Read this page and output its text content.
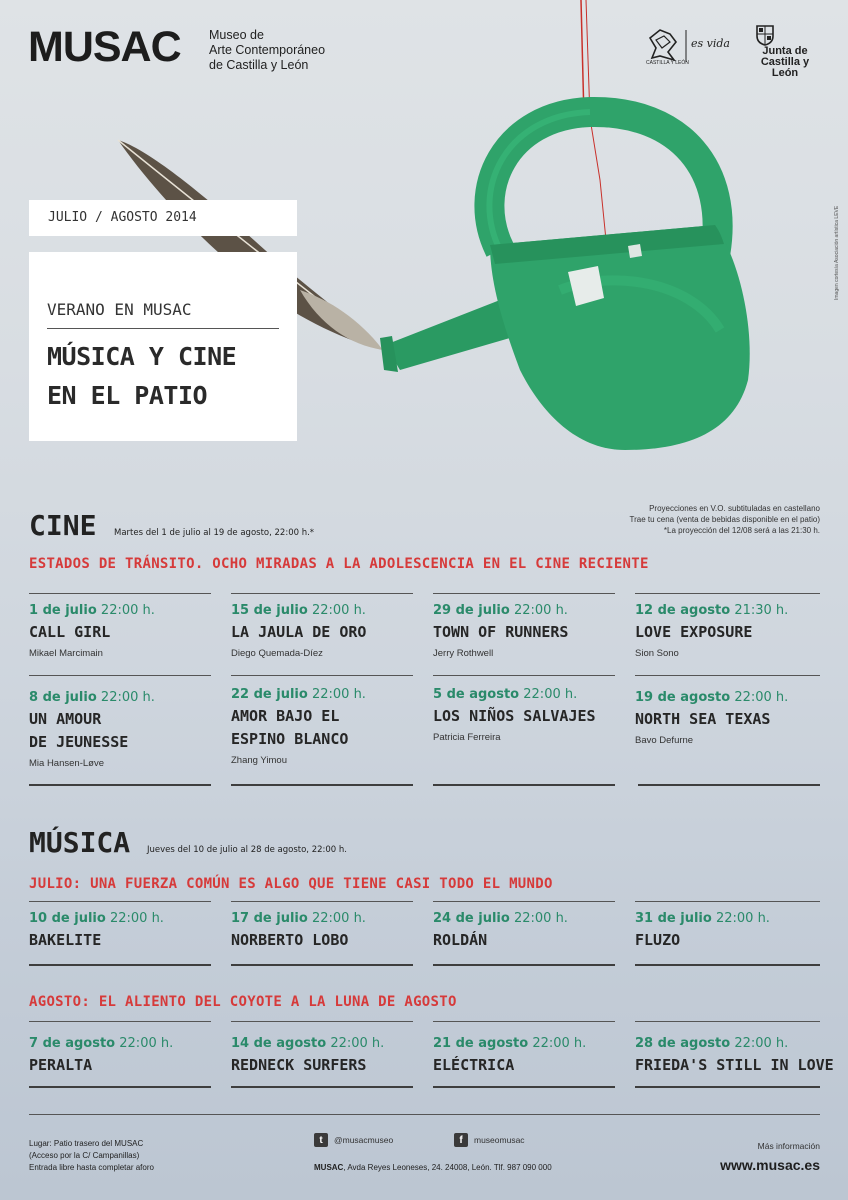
MUSAC Museo de
Arte Contemporáneo
de Castilla y León	CASTILLA Y LEÓN
es vida
Junta de
Castilla y León
Imagen cortesía Asociación artística LEVE
JULIO / AGOSTO 2014
VERANO EN MUSAC
MÚSICA Y CINE
EN EL PATIO
Proyecciones en V.O. subtituladas en castellano
Trae tu cena (venta de bebidas disponible en el patio)
*La proyección del 12/08 será a las 21:30 h.
CINE Martes del 1 de julio al 19 de agosto, 22:00 h.*
ESTADOS DE TRÁNSITO. OCHO MIRADAS A LA ADOLESCENCIA EN EL CINE RECIENTE
1 de julio 22:00 h.
CALL GIRL
Mikael Marcimain
15 de julio 22:00 h.
LA JAULA DE ORO
Diego Quemada-Díez
29 de julio 22:00 h.
TOWN OF RUNNERS
Jerry Rothwell
12 de agosto 21:30 h.
LOVE EXPOSURE
Sion Sono
8 de julio 22:00 h.
UN AMOUR
DE JEUNESSE
Mia Hansen-Løve
22 de julio 22:00 h.
AMOR BAJO EL
ESPINO BLANCO
Zhang Yimou
5 de agosto 22:00 h.
LOS NIÑOS SALVAJES
Patricia Ferreira
19 de agosto 22:00 h.
NORTH SEA TEXAS
Bavo Defurne
MÚSICA Jueves del 10 de julio al 28 de agosto, 22:00 h.
JULIO: UNA FUERZA COMÚN ES ALGO QUE TIENE CASI TODO EL MUNDO
10 de julio 22:00 h.
BAKELITE
17 de julio 22:00 h.
NORBERTO LOBO
24 de julio 22:00 h.
ROLDÁN
31 de julio 22:00 h.
FLUZO
AGOSTO: EL ALIENTO DEL COYOTE A LA LUNA DE AGOSTO
7 de agosto 22:00 h.
PERALTA
14 de agosto 22:00 h.
REDNECK SURFERS
21 de agosto 22:00 h.
ELÉCTRICA
28 de agosto 22:00 h.
FRIEDA'S STILL IN LOVE
Lugar: Patio trasero del MUSAC
(Acceso por la C/ Campanillas)
Entrada libre hasta completar aforo
t	@musacmuseo	f	museomusac
MUSAC, Avda Reyes Leoneses, 24. 24008, León. Tlf. 987 090 000
Más información
www.musac.es
